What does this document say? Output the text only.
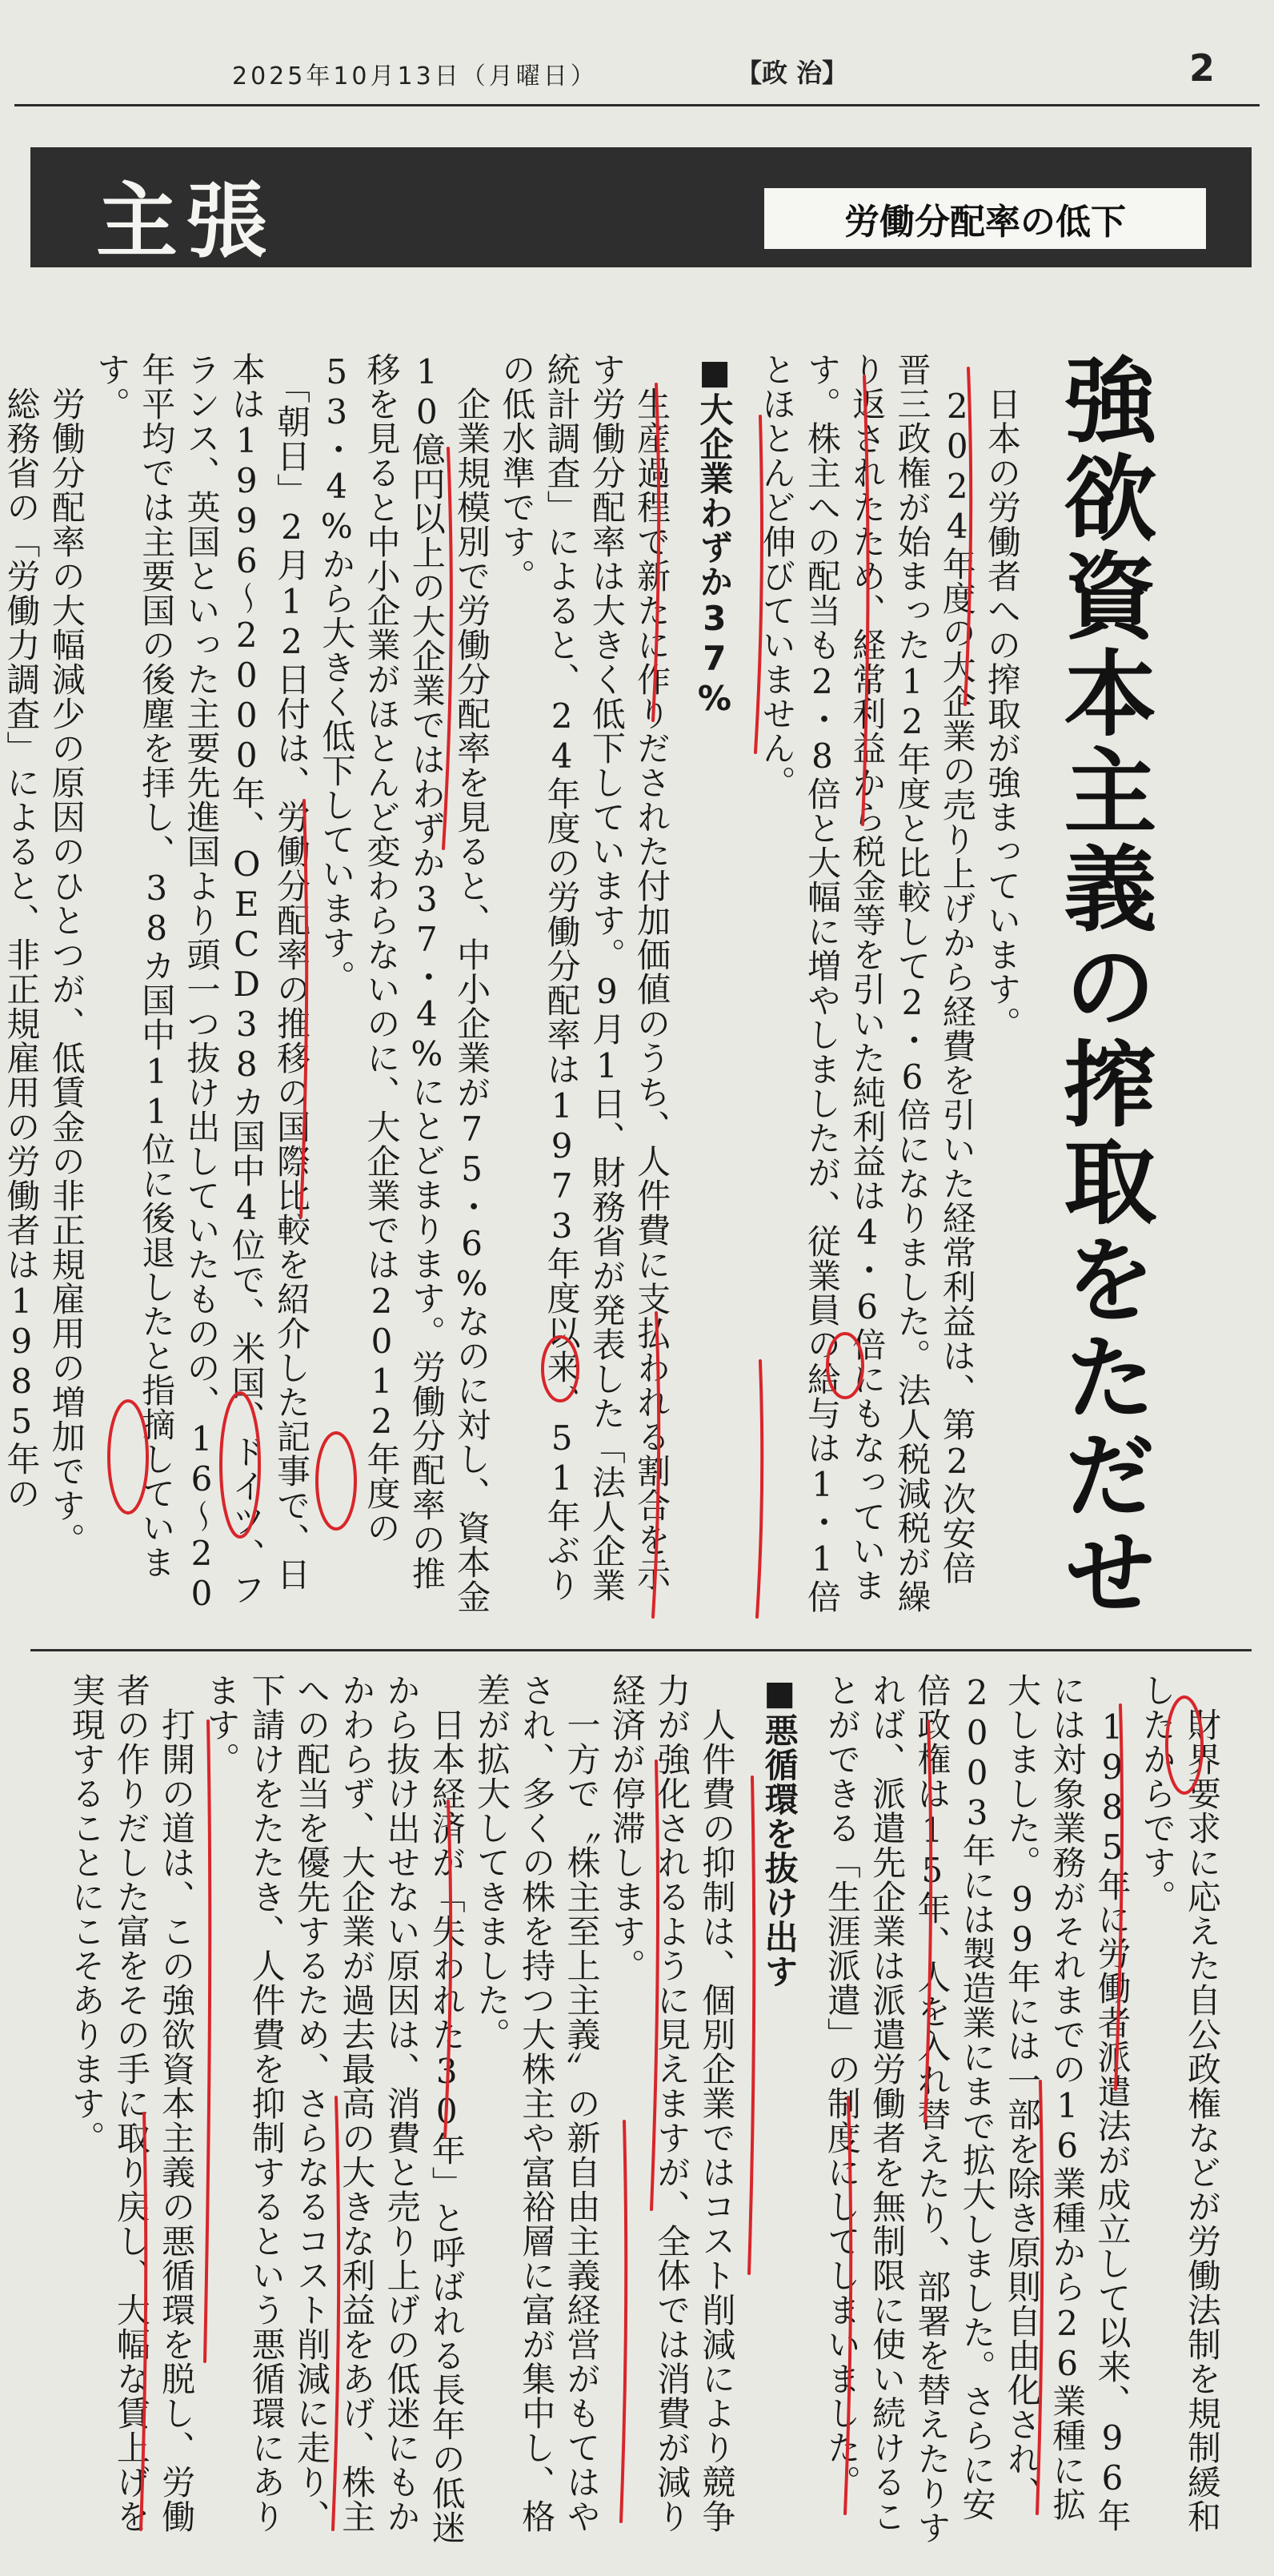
2025年10月13日（月曜日）	【政 治】	2
主張	労働分配率の低下
強欲資本主義の搾取をただせ
　日本の労働者への搾取が強まっています。
　2024年度の大企業の売り上げから経費を引いた経常利益は、第2次安倍晋三政権が始まった12年度と比較して2・6倍になりました。法人税減税が繰り返されたため、経常利益から税金等を引いた純利益は4・6倍にもなっています。株主への配当も2・8倍と大幅に増やしましたが、従業員の給与は1・1倍とほとんど伸びていません。
■大企業わずか37%
　生産過程で新たに作りだされた付加価値のうち、人件費に支払われる割合を示す労働分配率は大きく低下しています。9月1日、財務省が発表した「法人企業統計調査」によると、24年度の労働分配率は1973年度以来、51年ぶりの低水準です。
　企業規模別で労働分配率を見ると、中小企業が75・6%なのに対し、資本金10億円以上の大企業ではわずか37・4%にとどまります。労働分配率の推移を見ると中小企業がほとんど変わらないのに、大企業では2012年度の53・4%から大きく低下しています。
　「朝日」2月12日付は、労働分配率の推移の国際比較を紹介した記事で、日本は1996〜2000年、OECD38カ国中4位で、米国、ドイツ、フランス、英国といった主要先進国より頭一つ抜け出していたものの、16〜20年平均では主要国の後塵を拝し、38カ国中11位に後退したと指摘しています。
　労働分配率の大幅減少の原因のひとつが、低賃金の非正規雇用の増加です。
　総務省の「労働力調査」によると、非正規雇用の労働者は1985年の
　財界要求に応えた自公政権などが労働法制を規制緩和したからです。
　1985年に労働者派遣法が成立して以来、96年には対象業務がそれまでの16業種から26業種に拡大しました。99年には一部を除き原則自由化され、2003年には製造業にまで拡大しました。さらに安倍政権は15年、人を入れ替えたり、部署を替えたりすれば、派遣先企業は派遣労働者を無制限に使い続けることができる「生涯派遣」の制度にしてしまいました。
■悪循環を抜け出す
　人件費の抑制は、個別企業ではコスト削減により競争力が強化されるように見えますが、全体では消費が減り経済が停滞します。
　一方で〝株主至上主義〟の新自由主義経営がもてはやされ、多くの株を持つ大株主や富裕層に富が集中し、格差が拡大してきました。
　日本経済が「失われた30年」と呼ばれる長年の低迷から抜け出せない原因は、消費と売り上げの低迷にもかかわらず、大企業が過去最高の大きな利益をあげ、株主への配当を優先するため、さらなるコスト削減に走り、下請けをたたき、人件費を抑制するという悪循環にあります。
　打開の道は、この強欲資本主義の悪循環を脱し、労働者の作りだした富をその手に取り戻し、大幅な賃上げを実現することにこそあります。
